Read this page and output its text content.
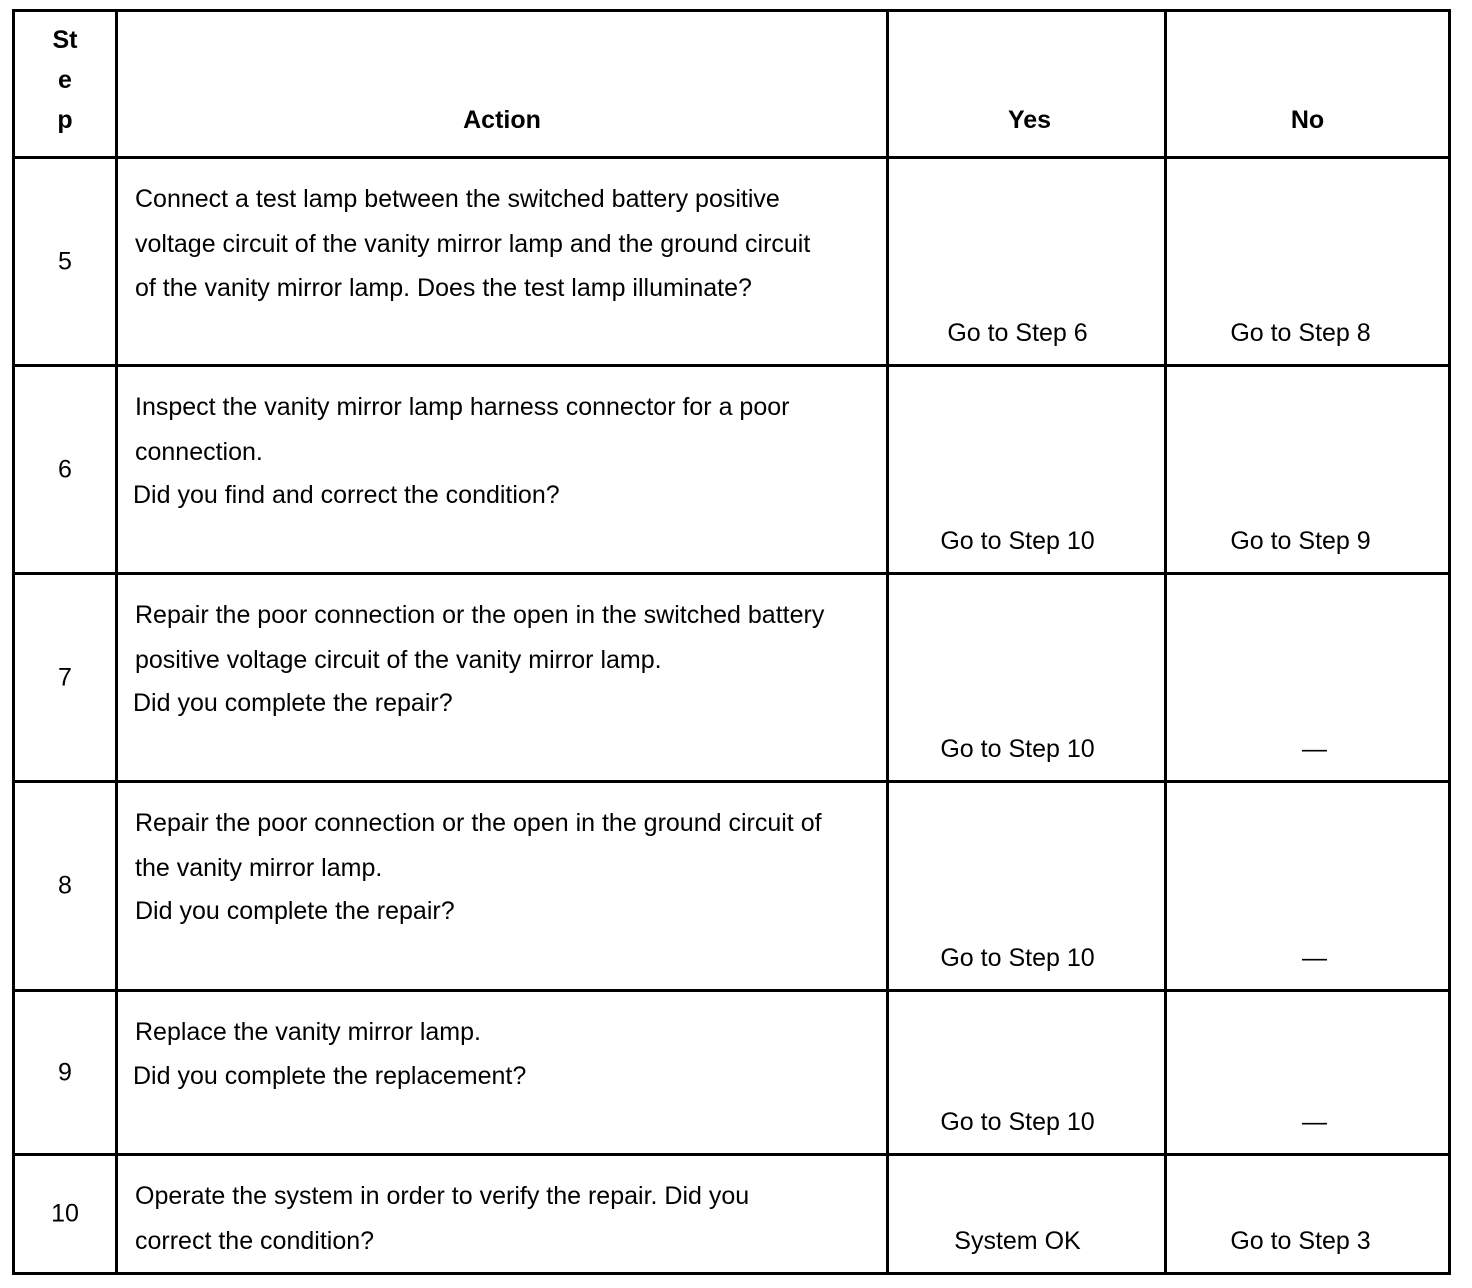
St
ep	Action	Yes	No

5	Connect a test lamp between the switched battery positive voltage circuit of the vanity mirror lamp and the ground circuit of the vanity mirror lamp. Does the test lamp illuminate?	Go to Step 6	Go to Step 8

6	Inspect the vanity mirror lamp harness connector for a poor connection.
Did you find and correct the condition?	Go to Step 10	Go to Step 9

7	Repair the poor connection or the open in the switched battery positive voltage circuit of the vanity mirror lamp.
Did you complete the repair?	Go to Step 10	—

8	Repair the poor connection or the open in the ground circuit of the vanity mirror lamp.
Did you complete the repair?	Go to Step 10	—

9	Replace the vanity mirror lamp.
Did you complete the replacement?	Go to Step 10	—

10	Operate the system in order to verify the repair. Did you correct the condition?	System OK	Go to Step 3
